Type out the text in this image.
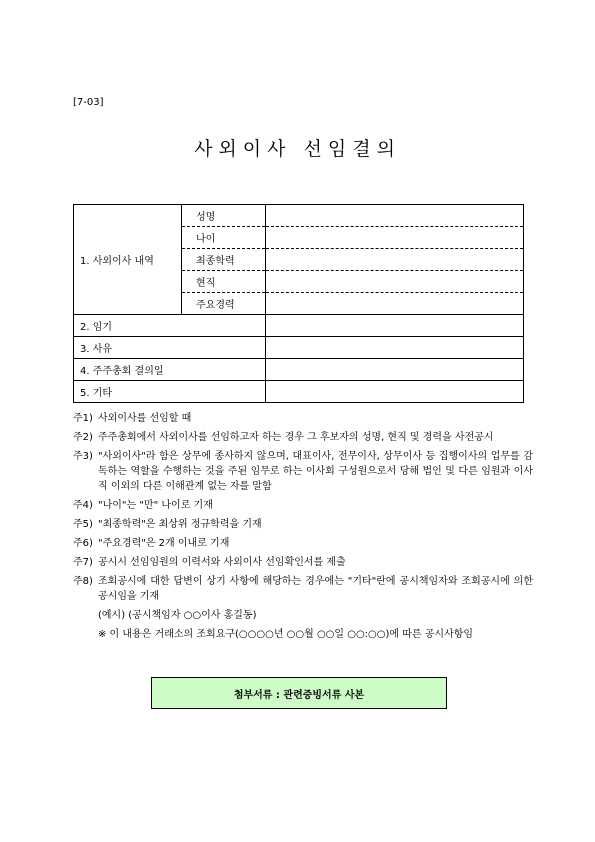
[7-03]
사외이사 선임결의
1. 사외이사 내역	성명	
	나이	
	최종학력	
	현직	
	주요경력	
2. 임기		
3. 사유		
4. 주주총회 결의일		
5. 기타		
주1) 사외이사를 선임할 때
주2) 주주총회에서 사외이사를 선임하고자 하는 경우 그 후보자의 성명, 현직 및 경력을 사전공시
주3) "사외이사"라 함은 상무에 종사하지 않으며, 대표이사, 전무이사, 상무이사 등 집행이사의 업무를 감독하는 역할을 수행하는 것을 주된 임무로 하는 이사회 구성원으로서 당해 법인 및 다른 임원과 이사직 이외의 다른 이해관계 없는 자를 말함
주4) "나이"는 "만" 나이로 기재
주5) "최종학력"은 최상위 정규학력을 기재
주6) "주요경력"은 2개 이내로 기재
주7) 공시시 선임임원의 이력서와 사외이사 선임확인서를 제출
주8) 조회공시에 대한 답변이 상기 사항에 해당하는 경우에는 "기타"란에 공시책임자와 조회공시에 의한 공시임을 기재
(예시) (공시책임자 ○○이사 홍길동)
※ 이 내용은 거래소의 조회요구(○○○○년 ○○월 ○○일 ○○:○○)에 따른 공시사항임
첨부서류 : 관련증빙서류 사본
